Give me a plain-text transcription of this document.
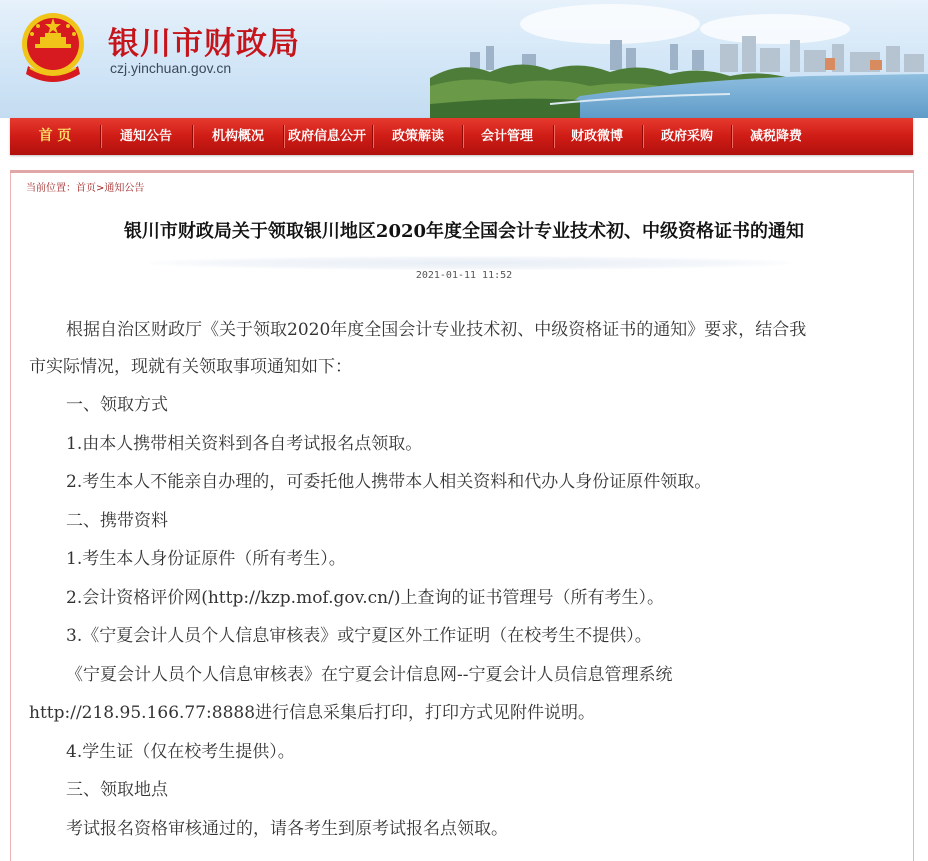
银川市财政局
czj.yinchuan.gov.cn
首 页	通知公告	机构概况	政府信息公开	政策解读	会计管理	财政微博	政府采购	减税降费
当前位置：首页>通知公告
银川市财政局关于领取银川地区2020年度全国会计专业技术初、中级资格证书的通知
2021-01-11 11:52
根据自治区财政厅《关于领取2020年度全国会计专业技术初、中级资格证书的通知》要求，结合我
市实际情况，现就有关领取事项通知如下：
一、领取方式
1.由本人携带相关资料到各自考试报名点领取。
2.考生本人不能亲自办理的，可委托他人携带本人相关资料和代办人身份证原件领取。
二、携带资料
1.考生本人身份证原件（所有考生）。
2.会计资格评价网(http://kzp.mof.gov.cn/)上查询的证书管理号（所有考生）。
3.《宁夏会计人员个人信息审核表》或宁夏区外工作证明（在校考生不提供）。
《宁夏会计人员个人信息审核表》在宁夏会计信息网--宁夏会计人员信息管理系统
http://218.95.166.77:8888进行信息采集后打印，打印方式见附件说明。
4.学生证（仅在校考生提供）。
三、领取地点
考试报名资格审核通过的，请各考生到原考试报名点领取。
